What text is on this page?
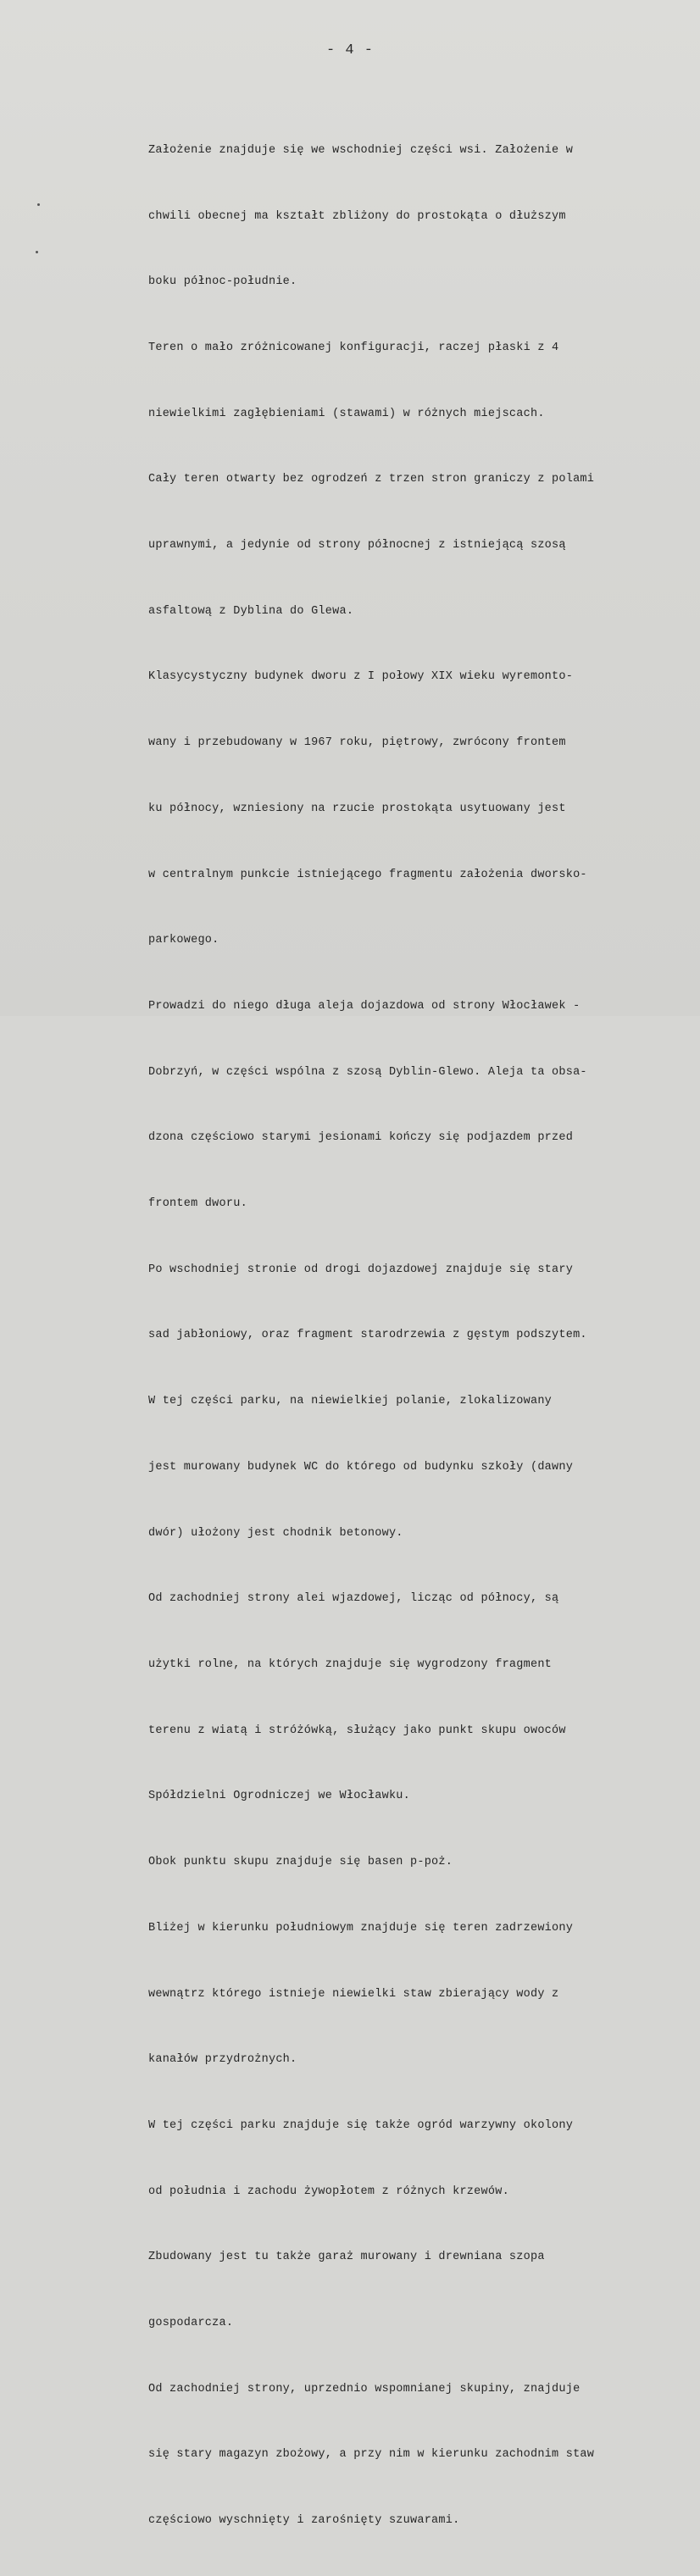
- 4 -

Założenie znajduje się we wschodniej części wsi. Założenie w

chwili obecnej ma kształt zbliżony do prostokąta o dłuższym

boku północ-południe.

Teren o mało zróżnicowanej konfiguracji, raczej płaski z 4

niewielkimi zagłębieniami (stawami) w różnych miejscach.

Cały teren otwarty bez ogrodzeń z trzen stron graniczy z polami

uprawnymi, a jedynie od strony północnej z istniejącą szosą

asfaltową z Dyblina do Glewa.

Klasycystyczny budynek dworu z I połowy XIX wieku wyremonto-

wany i przebudowany w 1967 roku, piętrowy, zwrócony frontem

ku północy, wzniesiony na rzucie prostokąta usytuowany jest

w centralnym punkcie istniejącego fragmentu założenia dworsko-

parkowego.

Prowadzi do niego długa aleja dojazdowa od strony Włocławek -

Dobrzyń, w części wspólna z szosą Dyblin-Glewo. Aleja ta obsa-

dzona częściowo starymi jesionami kończy się podjazdem przed

frontem dworu.

Po wschodniej stronie od drogi dojazdowej znajduje się stary

sad jabłoniowy, oraz fragment starodrzewia z gęstym podszytem.

W tej części parku, na niewielkiej polanie, zlokalizowany

jest murowany budynek WC do którego od budynku szkoły (dawny

dwór) ułożony jest chodnik betonowy.

Od zachodniej strony alei wjazdowej, licząc od północy, są

użytki rolne, na których znajduje się wygrodzony fragment

terenu z wiatą i stróżówką, służący jako punkt skupu owoców

Spółdzielni Ogrodniczej we Włocławku.

Obok punktu skupu znajduje się basen p-poż.

Bliżej w kierunku południowym znajduje się teren zadrzewiony

wewnątrz którego istnieje niewielki staw zbierający wody z

kanałów przydrożnych.

W tej części parku znajduje się także ogród warzywny okolony

od południa i zachodu żywopłotem z różnych krzewów.

Zbudowany jest tu także garaż murowany i drewniana szopa

gospodarcza.

Od zachodniej strony, uprzednio wspomnianej skupiny, znajduje

się stary magazyn zbożowy, a przy nim w kierunku zachodnim staw

częściowo wyschnięty i zarośnięty szuwarami.
